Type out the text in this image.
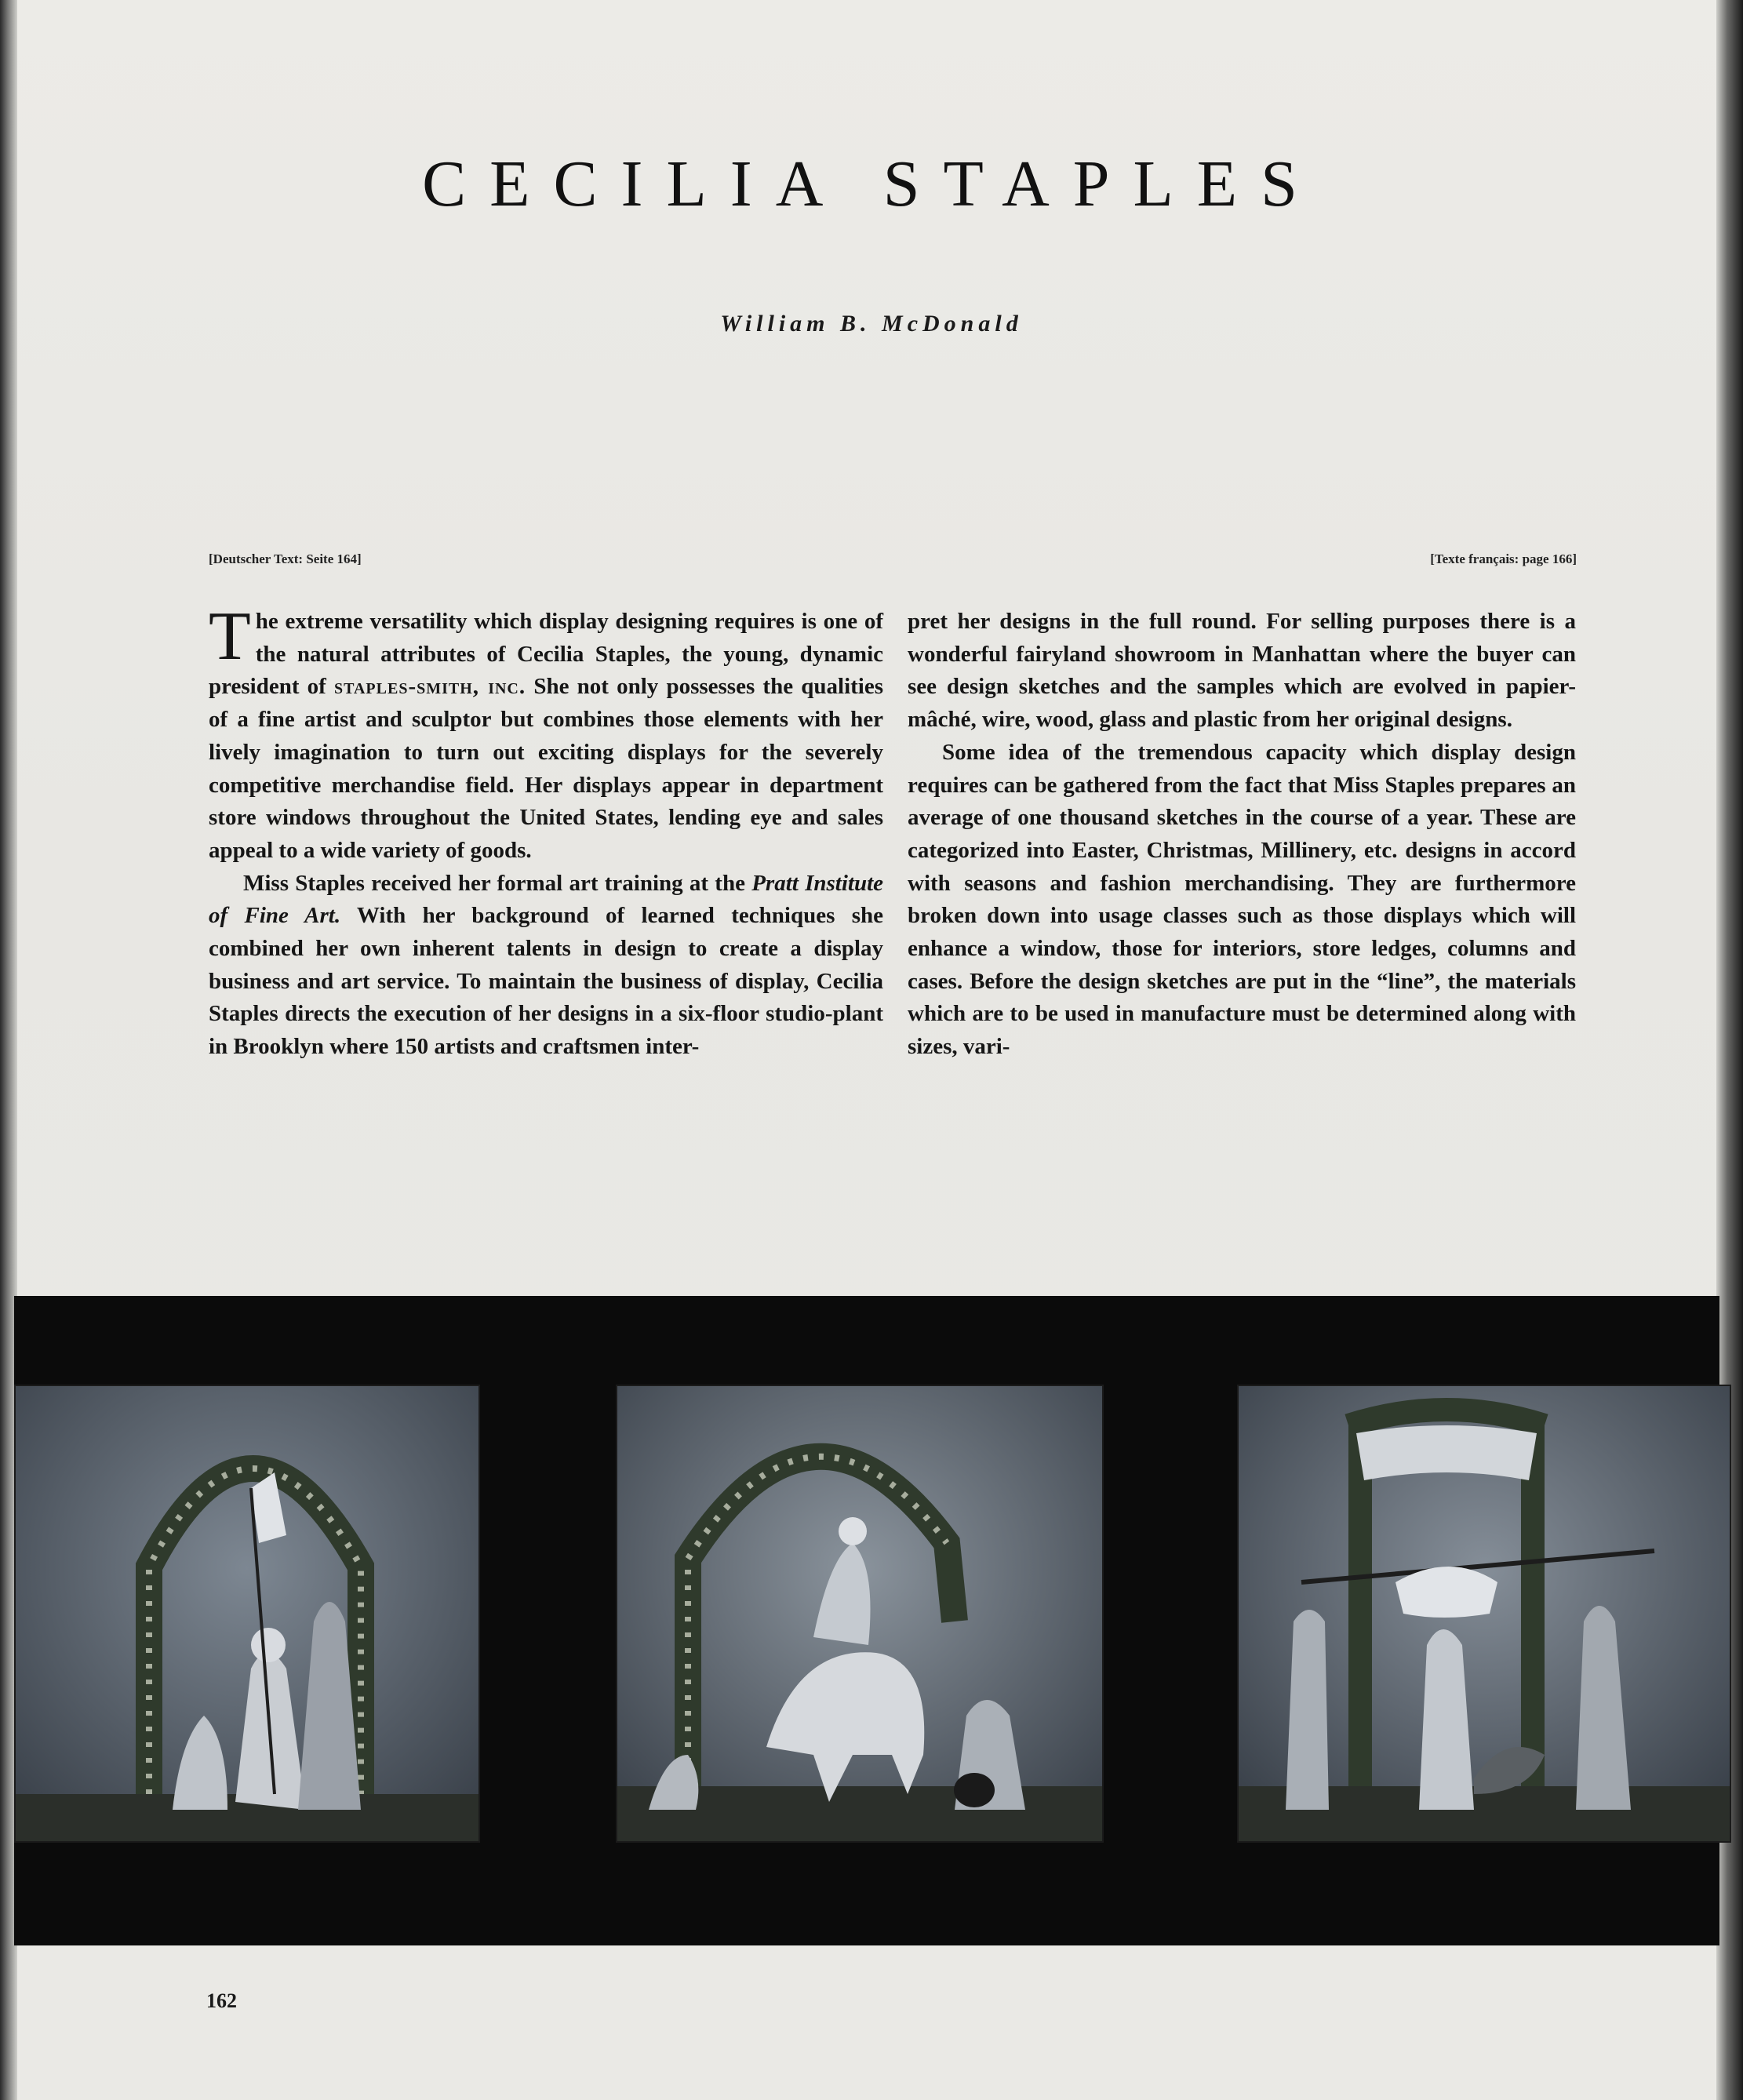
CECILIA STAPLES
William B. McDonald
[Deutscher Text: Seite 164]	[Texte français: page 166]

The extreme versatility which display designing requires is one of the natural attributes of Cecilia Staples, the young, dynamic president of staples-smith, inc. She not only possesses the qualities of a fine artist and sculptor but combines those elements with her lively imagination to turn out exciting displays for the severely competitive merchandise field. Her displays appear in department store windows throughout the United States, lending eye and sales appeal to a wide variety of goods.

Miss Staples received her formal art training at the Pratt Institute of Fine Art. With her background of learned techniques she combined her own inherent talents in design to create a display business and art service. To maintain the business of display, Cecilia Staples directs the execution of her designs in a six-floor studio-plant in Brooklyn where 150 artists and craftsmen inter-

pret her designs in the full round. For selling purposes there is a wonderful fairyland showroom in Manhattan where the buyer can see design sketches and the samples which are evolved in papier-mâché, wire, wood, glass and plastic from her original designs.

Some idea of the tremendous capacity which display design requires can be gathered from the fact that Miss Staples prepares an average of one thousand sketches in the course of a year. These are categorized into Easter, Christmas, Millinery, etc. designs in accord with seasons and fashion merchandising. They are furthermore broken down into usage classes such as those displays which will enhance a window, those for interiors, store ledges, columns and cases. Before the design sketches are put in the “line”, the materials which are to be used in manufacture must be determined along with sizes, vari-

162
